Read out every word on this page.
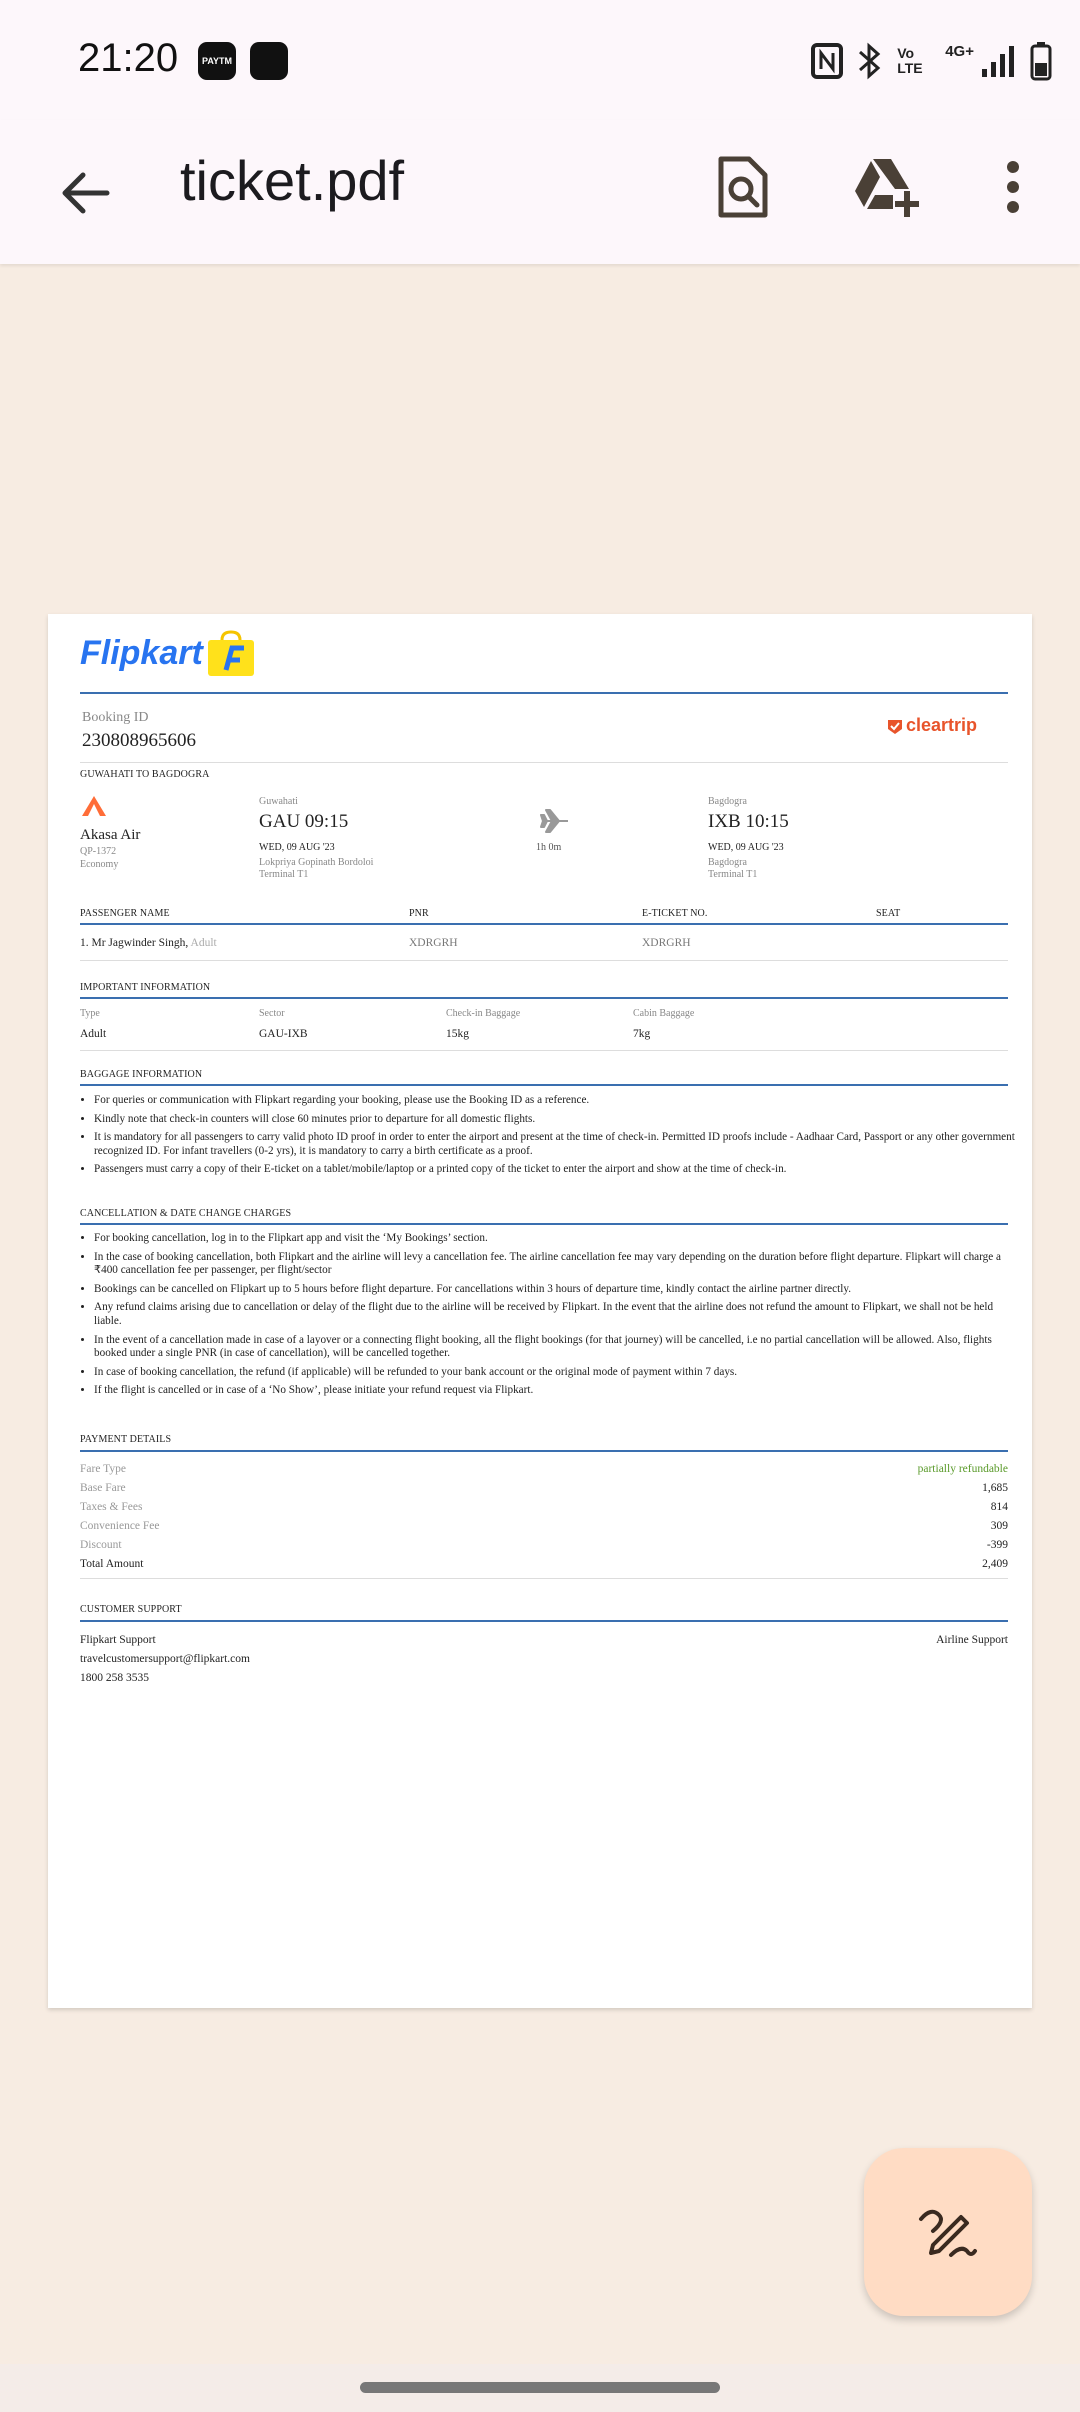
21:20	PAYTM	Vo LTE
4G+
ticket.pdf
Flipkart
Booking ID
230808965606
cleartrip
GUWAHATI TO BAGDOGRA
Akasa Air
QP-1372
Economy
Guwahati
GAU 09:15
WED, 09 AUG '23
Lokpriya Gopinath Bordoloi
Terminal T1
1h 0m
Bagdogra
IXB 10:15
WED, 09 AUG '23
Bagdogra
Terminal T1
PASSENGER NAME	PNR	E-TICKET NO.	SEAT
1. Mr Jagwinder Singh, Adult	XDRGRH	XDRGRH
IMPORTANT INFORMATION
Type	Sector	Check-in Baggage	Cabin Baggage
Adult	GAU-IXB	15kg	7kg
BAGGAGE INFORMATION
• For queries or communication with Flipkart regarding your booking, please use the Booking ID as a reference.
• Kindly note that check-in counters will close 60 minutes prior to departure for all domestic flights.
• It is mandatory for all passengers to carry valid photo ID proof in order to enter the airport and present at the time of check-in. Permitted ID proofs include - Aadhaar Card, Passport or any other government recognized ID. For infant travellers (0-2 yrs), it is mandatory to carry a birth certificate as a proof.
• Passengers must carry a copy of their E-ticket on a tablet/mobile/laptop or a printed copy of the ticket to enter the airport and show at the time of check-in.
CANCELLATION & DATE CHANGE CHARGES
• For booking cancellation, log in to the Flipkart app and visit the ‘My Bookings’ section.
• In the case of booking cancellation, both Flipkart and the airline will levy a cancellation fee. The airline cancellation fee may vary depending on the duration before flight departure. Flipkart will charge a ₹400 cancellation fee per passenger, per flight/sector
• Bookings can be cancelled on Flipkart up to 5 hours before flight departure. For cancellations within 3 hours of departure time, kindly contact the airline partner directly.
• Any refund claims arising due to cancellation or delay of the flight due to the airline will be received by Flipkart. In the event that the airline does not refund the amount to Flipkart, we shall not be held liable.
• In the event of a cancellation made in case of a layover or a connecting flight booking, all the flight bookings (for that journey) will be cancelled, i.e no partial cancellation will be allowed. Also, flights booked under a single PNR (in case of cancellation), will be cancelled together.
• In case of booking cancellation, the refund (if applicable) will be refunded to your bank account or the original mode of payment within 7 days.
• If the flight is cancelled or in case of a ‘No Show’, please initiate your refund request via Flipkart.
PAYMENT DETAILS
Fare Type	partially refundable
Base Fare	1,685
Taxes & Fees	814
Convenience Fee	309
Discount	-399
Total Amount	2,409
CUSTOMER SUPPORT
Flipkart Support	Airline Support
travelcustomersupport@flipkart.com
1800 258 3535
